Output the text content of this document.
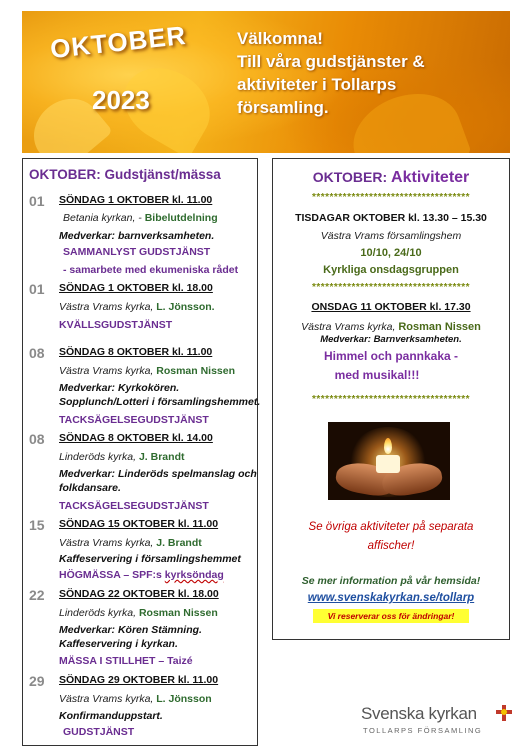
OKTOBER
2023
Välkomna!
Till våra gudstjänster &
aktiviteter i Tollarps
församling.
OKTOBER: Gudstjänst/mässa
01 SÖNDAG 1 OKTOBER kl. 11.00
Betania kyrkan, - Bibelutdelning
Medverkar: barnverksamheten.
SAMMANLYST GUDSTJÄNST
- samarbete med ekumeniska rådet
01 SÖNDAG 1 OKTOBER kl. 18.00
Västra Vrams kyrka, L. Jönsson.
KVÄLLSGUDSTJÄNST
08 SÖNDAG 8 OKTOBER kl. 11.00
Västra Vrams kyrka, Rosman Nissen
Medverkar: Kyrkokören.
Sopplunch/Lotteri i församlingshemmet.
TACKSÄGELSEGUDSTJÄNST
08 SÖNDAG 8 OKTOBER kl. 14.00
Linderöds kyrka, J. Brandt
Medverkar: Linderöds spelmanslag och
folkdansare.
TACKSÄGELSEGUDSTJÄNST
15 SÖNDAG 15 OKTOBER kl. 11.00
Västra Vrams kyrka, J. Brandt
Kaffeservering i församlingshemmet
HÖGMÄSSA – SPF:s kyrksöndag
22 SÖNDAG 22 OKTOBER kl. 18.00
Linderöds kyrka, Rosman Nissen
Medverkar: Kören Stämning.
Kaffeservering i kyrkan.
MÄSSA I STILLHET – Taizé
29 SÖNDAG 29 OKTOBER kl. 11.00
Västra Vrams kyrka, L. Jönsson
Konfirmanduppstart.
GUDSTJÄNST
OKTOBER: Aktiviteter
************************************
TISDAGAR OKTOBER kl. 13.30 – 15.30
Västra Vrams församlingshem
10/10, 24/10
Kyrkliga onsdagsgruppen
************************************
ONSDAG 11 OKTOBER kl. 17.30
Västra Vrams kyrka, Rosman Nissen
Medverkar: Barnverksamheten.
Himmel och pannkaka -
med musikal!!!
************************************
Se övriga aktiviteter på separata
affischer!
Se mer information på vår hemsida!
www.svenskakyrkan.se/tollarp
Vi reserverar oss för ändringar!
Svenska kyrkan
TOLLARPS FÖRSAMLING
